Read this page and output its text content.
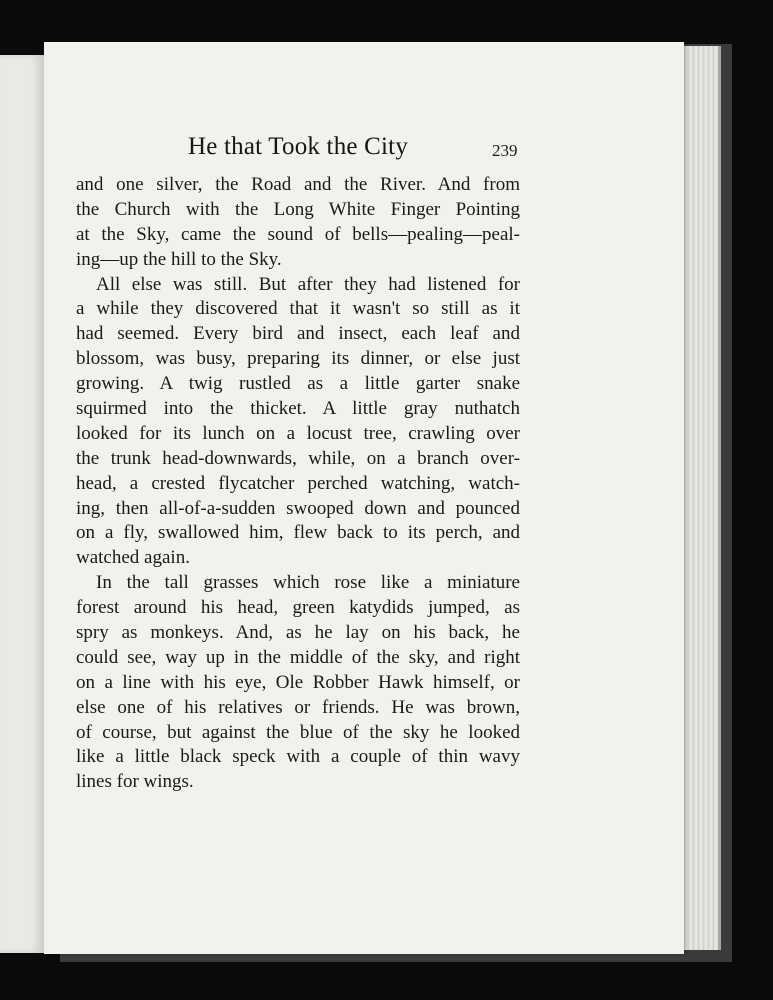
He that Took the City	239
and one silver, the Road and the River. And from
the Church with the Long White Finger Pointing
at the Sky, came the sound of bells—pealing—peal-
ing—up the hill to the Sky.
All else was still. But after they had listened for
a while they discovered that it wasn't so still as it
had seemed. Every bird and insect, each leaf and
blossom, was busy, preparing its dinner, or else just
growing. A twig rustled as a little garter snake
squirmed into the thicket. A little gray nuthatch
looked for its lunch on a locust tree, crawling over
the trunk head-downwards, while, on a branch over-
head, a crested flycatcher perched watching, watch-
ing, then all-of-a-sudden swooped down and pounced
on a fly, swallowed him, flew back to its perch, and
watched again.
In the tall grasses which rose like a miniature
forest around his head, green katydids jumped, as
spry as monkeys. And, as he lay on his back, he
could see, way up in the middle of the sky, and right
on a line with his eye, Ole Robber Hawk himself, or
else one of his relatives or friends. He was brown,
of course, but against the blue of the sky he looked
like a little black speck with a couple of thin wavy
lines for wings.
